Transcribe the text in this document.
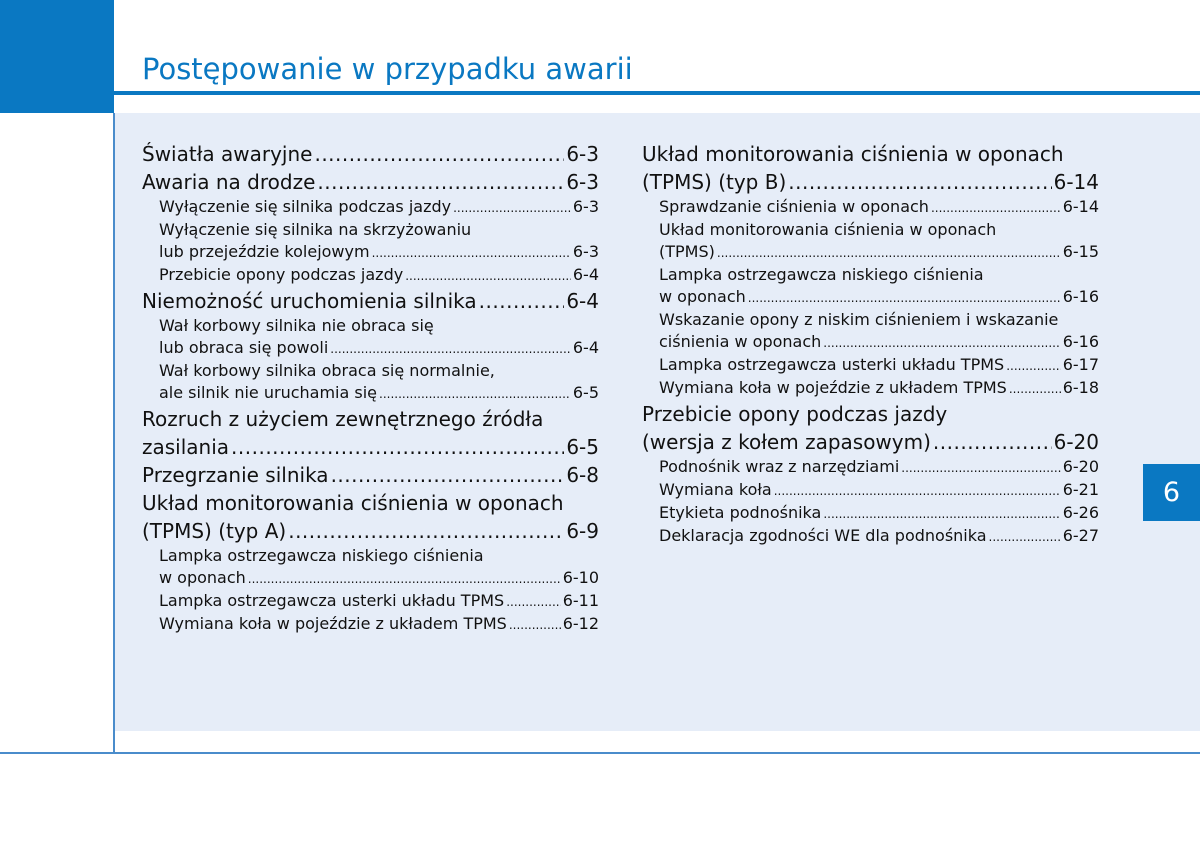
Postępowanie w przypadku awarii
6
Światła awaryjne .....	6-3
Awaria na drodze .....	6-3
Wyłączenie się silnika podczas jazdy .....	6-3
Wyłączenie się silnika na skrzyżowaniu
lub przejeździe kolejowym .....	6-3
Przebicie opony podczas jazdy .....	6-4
Niemożność uruchomienia silnika .....	6-4
Wał korbowy silnika nie obraca się
lub obraca się powoli .....	6-4
Wał korbowy silnika obraca się normalnie,
ale silnik nie uruchamia się .....	6-5
Rozruch z użyciem zewnętrznego źródła
zasilania .....	6-5
Przegrzanie silnika .....	6-8
Układ monitorowania ciśnienia w oponach
(TPMS) (typ A) .....	6-9
Lampka ostrzegawcza niskiego ciśnienia
w oponach .....	6-10
Lampka ostrzegawcza usterki układu TPMS .....	6-11
Wymiana koła w pojeździe z układem TPMS .....	6-12
Układ monitorowania ciśnienia w oponach
(TPMS) (typ B) .....	6-14
Sprawdzanie ciśnienia w oponach .....	6-14
Układ monitorowania ciśnienia w oponach
(TPMS) .....	6-15
Lampka ostrzegawcza niskiego ciśnienia
w oponach .....	6-16
Wskazanie opony z niskim ciśnieniem i wskazanie
ciśnienia w oponach .....	6-16
Lampka ostrzegawcza usterki układu TPMS .....	6-17
Wymiana koła w pojeździe z układem TPMS .....	6-18
Przebicie opony podczas jazdy
(wersja z kołem zapasowym) .....	6-20
Podnośnik wraz z narzędziami .....	6-20
Wymiana koła .....	6-21
Etykieta podnośnika .....	6-26
Deklaracja zgodności WE dla podnośnika .....	6-27
